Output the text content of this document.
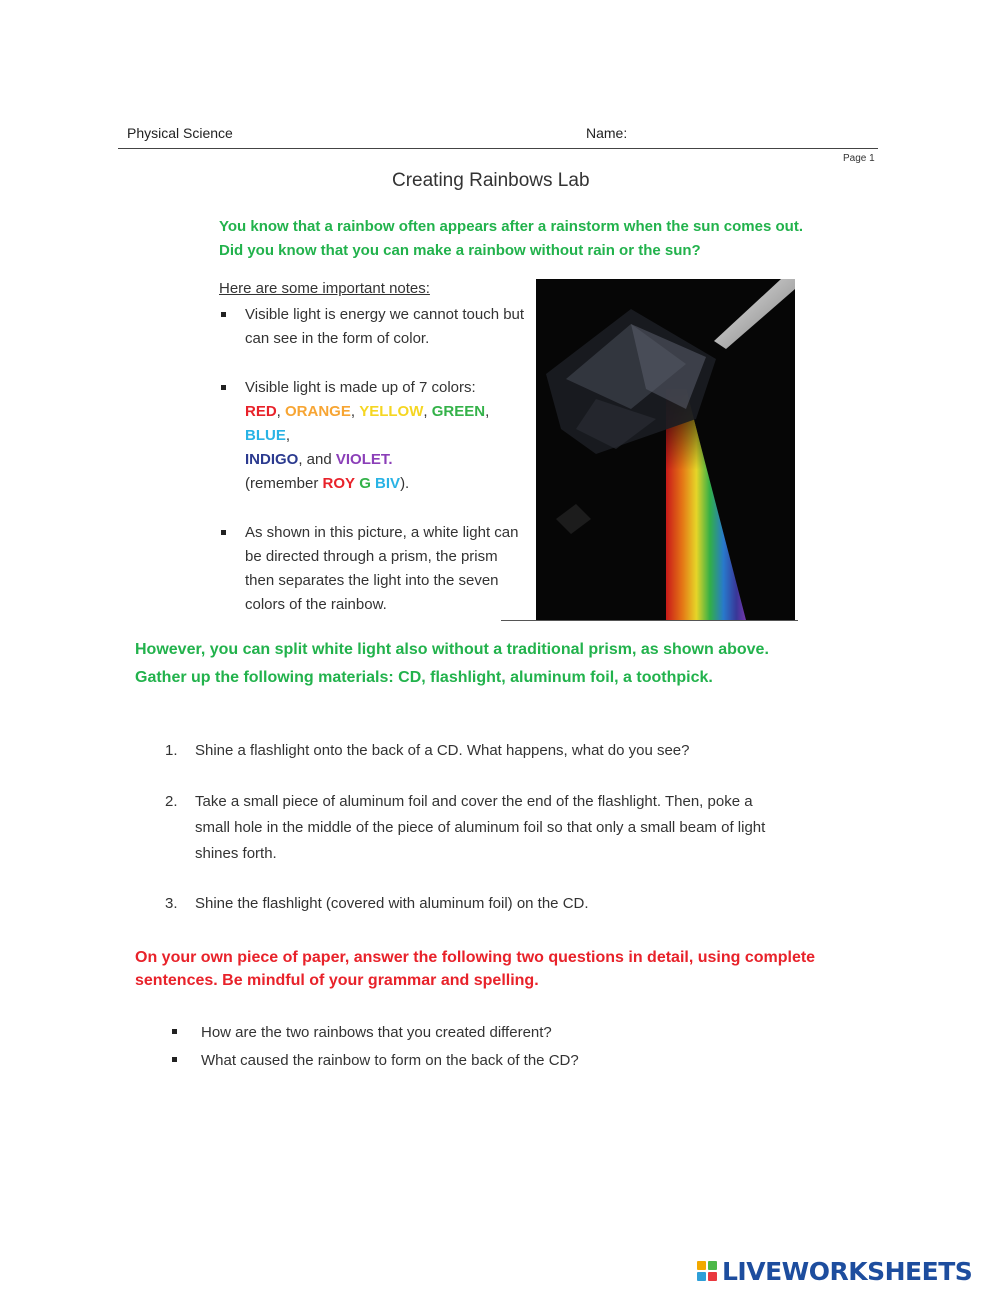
Physical Science	Name:
Page 1
Creating Rainbows Lab
You know that a rainbow often appears after a rainstorm when the sun comes out. Did you know that you can make a rainbow without rain or the sun?
Here are some important notes:
Visible light is energy we cannot touch but can see in the form of color.
Visible light is made up of 7 colors:
RED, ORANGE, YELLOW, GREEN, BLUE,
INDIGO, and VIOLET.
(remember ROY G BIV).
As shown in this picture, a white light can be directed through a prism, the prism then separates the light into the seven colors of the rainbow.
However, you can split white light also without a traditional prism, as shown above. Gather up the following materials: CD, flashlight, aluminum foil, a toothpick.
1. Shine a flashlight onto the back of a CD. What happens, what do you see?
2. Take a small piece of aluminum foil and cover the end of the flashlight. Then, poke a small hole in the middle of the piece of aluminum foil so that only a small beam of light shines forth.
3. Shine the flashlight (covered with aluminum foil) on the CD.
On your own piece of paper, answer the following two questions in detail, using complete sentences. Be mindful of your grammar and spelling.
How are the two rainbows that you created different?
What caused the rainbow to form on the back of the CD?
LIVEWORKSHEETS
